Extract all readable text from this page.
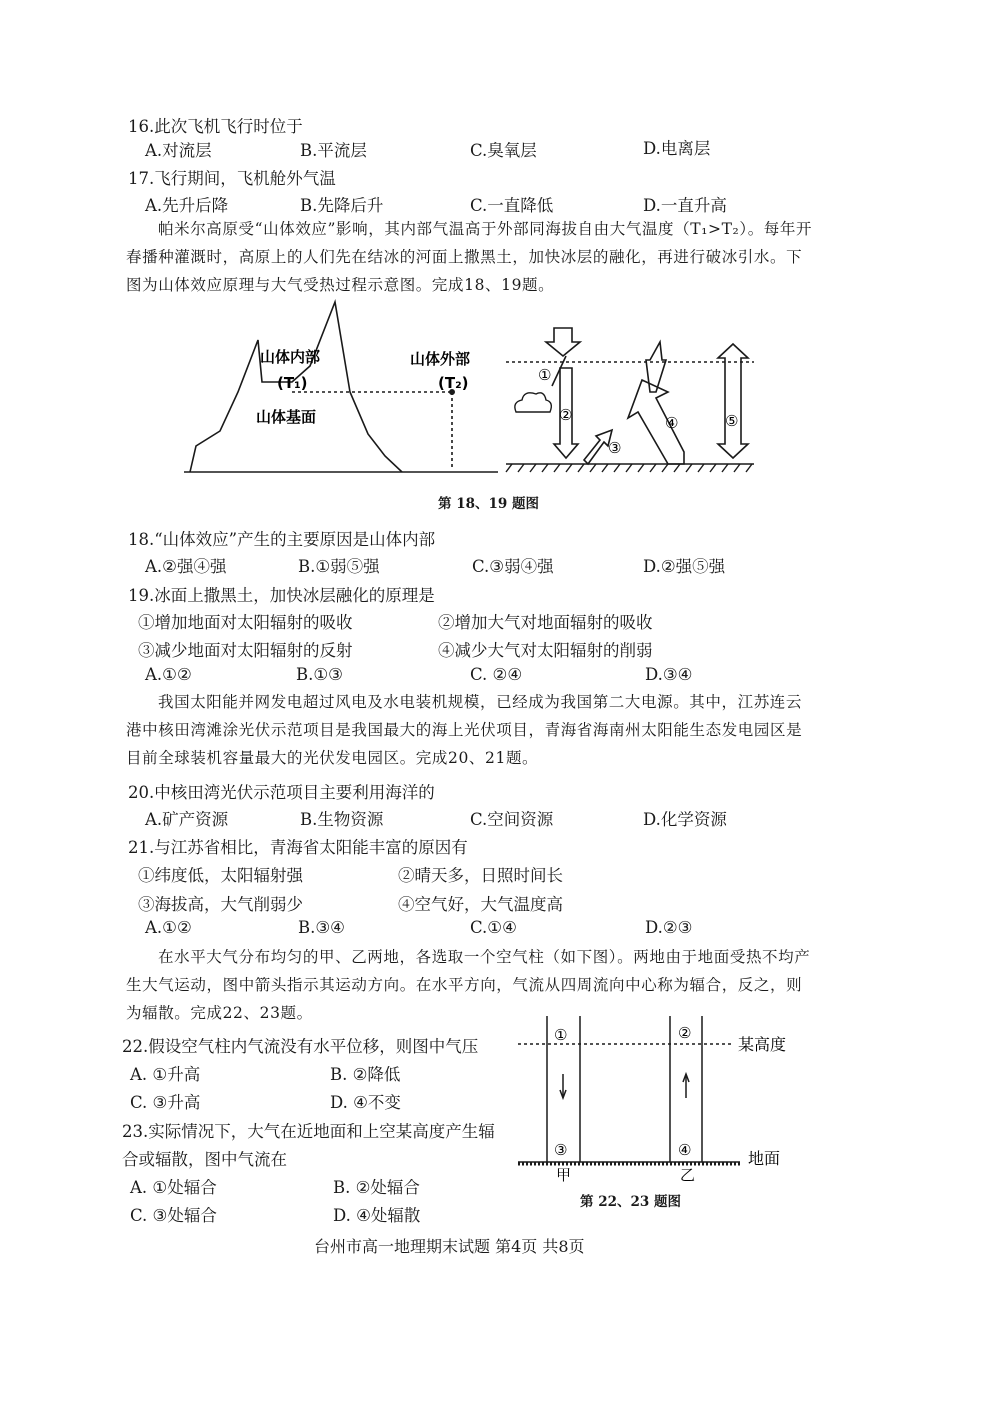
16.此次飞机飞行时位于
A.对流层	B.平流层	C.臭氧层	D.电离层
17.飞行期间，飞机舱外气温
A.先升后降	B.先降后升	C.一直降低	D.一直升高
帕米尔高原受“山体效应”影响，其内部气温高于外部同海拔自由大气温度（T₁>T₂）。每年开春播种灌溉时，高原上的人们先在结冰的河面上撒黑土，加快冰层的融化，再进行破冰引水。下图为山体效应原理与大气受热过程示意图。完成18、19题。
山体内部
(T₁)
山体基面
山体外部
(T₂)	①
②
③
④	⑤
第 18、19 题图
18.“山体效应”产生的主要原因是山体内部
A.②强④强	B.①弱⑤强	C.③弱④强	D.②强⑤强
19.冰面上撒黑土，加快冰层融化的原理是
①增加地面对太阳辐射的吸收	②增加大气对地面辐射的吸收
③减少地面对太阳辐射的反射	④减少大气对太阳辐射的削弱
A.①②	B.①③	C. ②④	D.③④
我国太阳能并网发电超过风电及水电装机规模，已经成为我国第二大电源。其中，江苏连云港中核田湾滩涂光伏示范项目是我国最大的海上光伏项目，青海省海南州太阳能生态发电园区是目前全球装机容量最大的光伏发电园区。完成20、21题。
20.中核田湾光伏示范项目主要利用海洋的
A.矿产资源	B.生物资源	C.空间资源	D.化学资源
21.与江苏省相比，青海省太阳能丰富的原因有
①纬度低，太阳辐射强	②晴天多，日照时间长
③海拔高，大气削弱少	④空气好，大气温度高
A.①②	B.③④	C.①④	D.②③
在水平大气分布均匀的甲、乙两地，各选取一个空气柱（如下图）。两地由于地面受热不均产生大气运动，图中箭头指示其运动方向。在水平方向，气流从四周流向中心称为辐合，反之，则为辐散。完成22、23题。
22.假设空气柱内气流没有水平位移，则图中气压
A. ①升高	B. ②降低
C. ③升高	D. ④不变
23.实际情况下，大气在近地面和上空某高度产生辐
合或辐散，图中气流在
A. ①处辐合	B. ②处辐合
C. ③处辐合	D. ④处辐散
①	②
③	④
某高度
地面
甲	乙
第 22、23 题图
台州市高一地理期末试题 第4页 共8页
